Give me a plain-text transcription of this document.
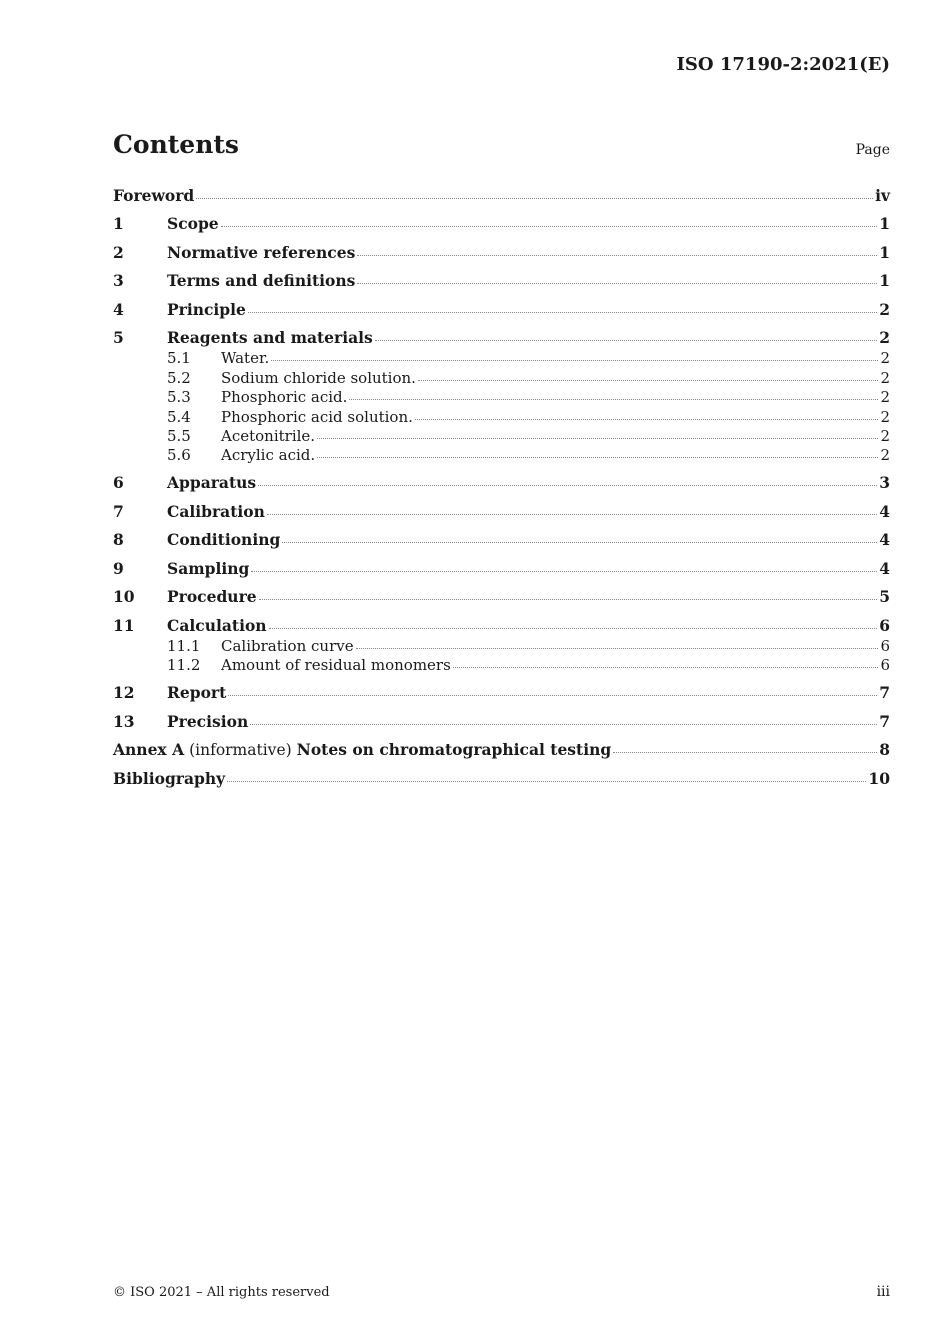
ISO 17190-2:2021(E)
Contents	Page
Foreword	iv
1	Scope	1
2	Normative references	1
3	Terms and definitions	1
4	Principle	2
5	Reagents and materials	2
5.1	Water.	2
5.2	Sodium chloride solution.	2
5.3	Phosphoric acid.	2
5.4	Phosphoric acid solution.	2
5.5	Acetonitrile.	2
5.6	Acrylic acid.	2
6	Apparatus	3
7	Calibration	4
8	Conditioning	4
9	Sampling	4
10	Procedure	5
11	Calculation	6
11.1	Calibration curve	6
11.2	Amount of residual monomers	6
12	Report	7
13	Precision	7
Annex A (informative) Notes on chromatographical testing	8
Bibliography	10
© ISO 2021 – All rights reserved	iii
